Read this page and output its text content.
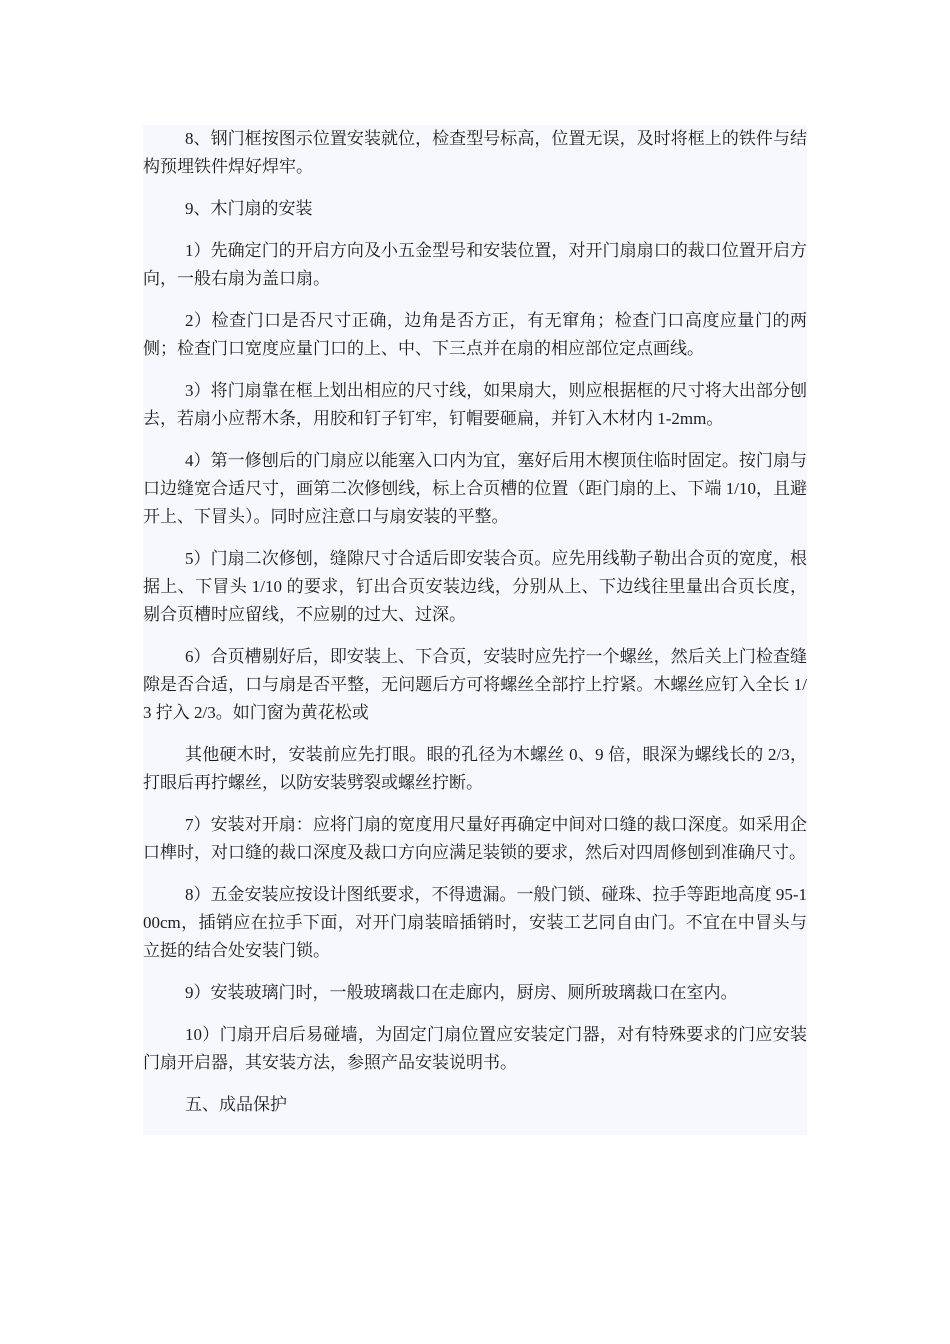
8、钢门框按图示位置安装就位，检查型号标高，位置无误，及时将框上的铁件与结构预埋铁件焊好焊牢。

9、木门扇的安装

1）先确定门的开启方向及小五金型号和安装位置，对开门扇扇口的裁口位置开启方向，一般右扇为盖口扇。

2）检查门口是否尺寸正确，边角是否方正，有无窜角；检查门口高度应量门的两侧；检查门口宽度应量门口的上、中、下三点并在扇的相应部位定点画线。

3）将门扇靠在框上划出相应的尺寸线，如果扇大，则应根据框的尺寸将大出部分刨去，若扇小应帮木条，用胶和钉子钉牢，钉帽要砸扁，并钉入木材内 1-2mm。

4）第一修刨后的门扇应以能塞入口内为宜，塞好后用木楔顶住临时固定。按门扇与口边缝宽合适尺寸，画第二次修刨线，标上合页槽的位置（距门扇的上、下端 1/10，且避开上、下冒头）。同时应注意口与扇安装的平整。

5）门扇二次修刨，缝隙尺寸合适后即安装合页。应先用线勒子勒出合页的宽度，根据上、下冒头 1/10 的要求，钉出合页安装边线，分别从上、下边线往里量出合页长度，剔合页槽时应留线，不应剔的过大、过深。

6）合页槽剔好后，即安装上、下合页，安装时应先拧一个螺丝，然后关上门检查缝隙是否合适，口与扇是否平整，无问题后方可将螺丝全部拧上拧紧。木螺丝应钉入全长 1/3 拧入 2/3。如门窗为黄花松或

其他硬木时，安装前应先打眼。眼的孔径为木螺丝 0、9 倍，眼深为螺线长的 2/3，打眼后再拧螺丝，以防安装劈裂或螺丝拧断。

7）安装对开扇：应将门扇的宽度用尺量好再确定中间对口缝的裁口深度。如采用企口榫时，对口缝的裁口深度及裁口方向应满足装锁的要求，然后对四周修刨到准确尺寸。

8）五金安装应按设计图纸要求，不得遗漏。一般门锁、碰珠、拉手等距地高度 95-100cm，插销应在拉手下面，对开门扇装暗插销时，安装工艺同自由门。不宜在中冒头与立挺的结合处安装门锁。

9）安装玻璃门时，一般玻璃裁口在走廊内，厨房、厕所玻璃裁口在室内。

10）门扇开启后易碰墙，为固定门扇位置应安装定门器，对有特殊要求的门应安装门扇开启器，其安装方法，参照产品安装说明书。

五、成品保护
